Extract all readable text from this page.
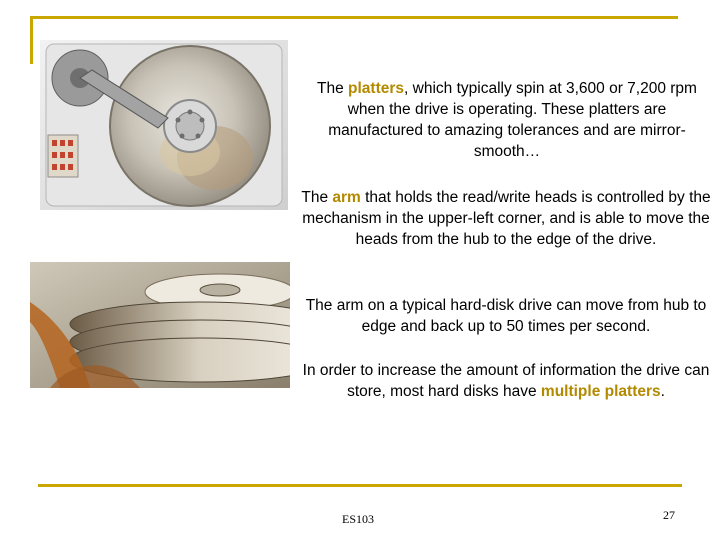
The platters, which typically spin at 3,600 or 7,200 rpm when the drive is operating. These platters are manufactured to amazing tolerances and are mirror-smooth…
The arm that holds the read/write heads is controlled by the mechanism in the upper-left corner, and is able to move the heads from the hub to the edge of the drive.
The arm on a typical hard-disk drive can move from hub to edge and back up to 50 times per second.
In order to increase the amount of information the drive can store, most hard disks have multiple platters.
ES103	27
